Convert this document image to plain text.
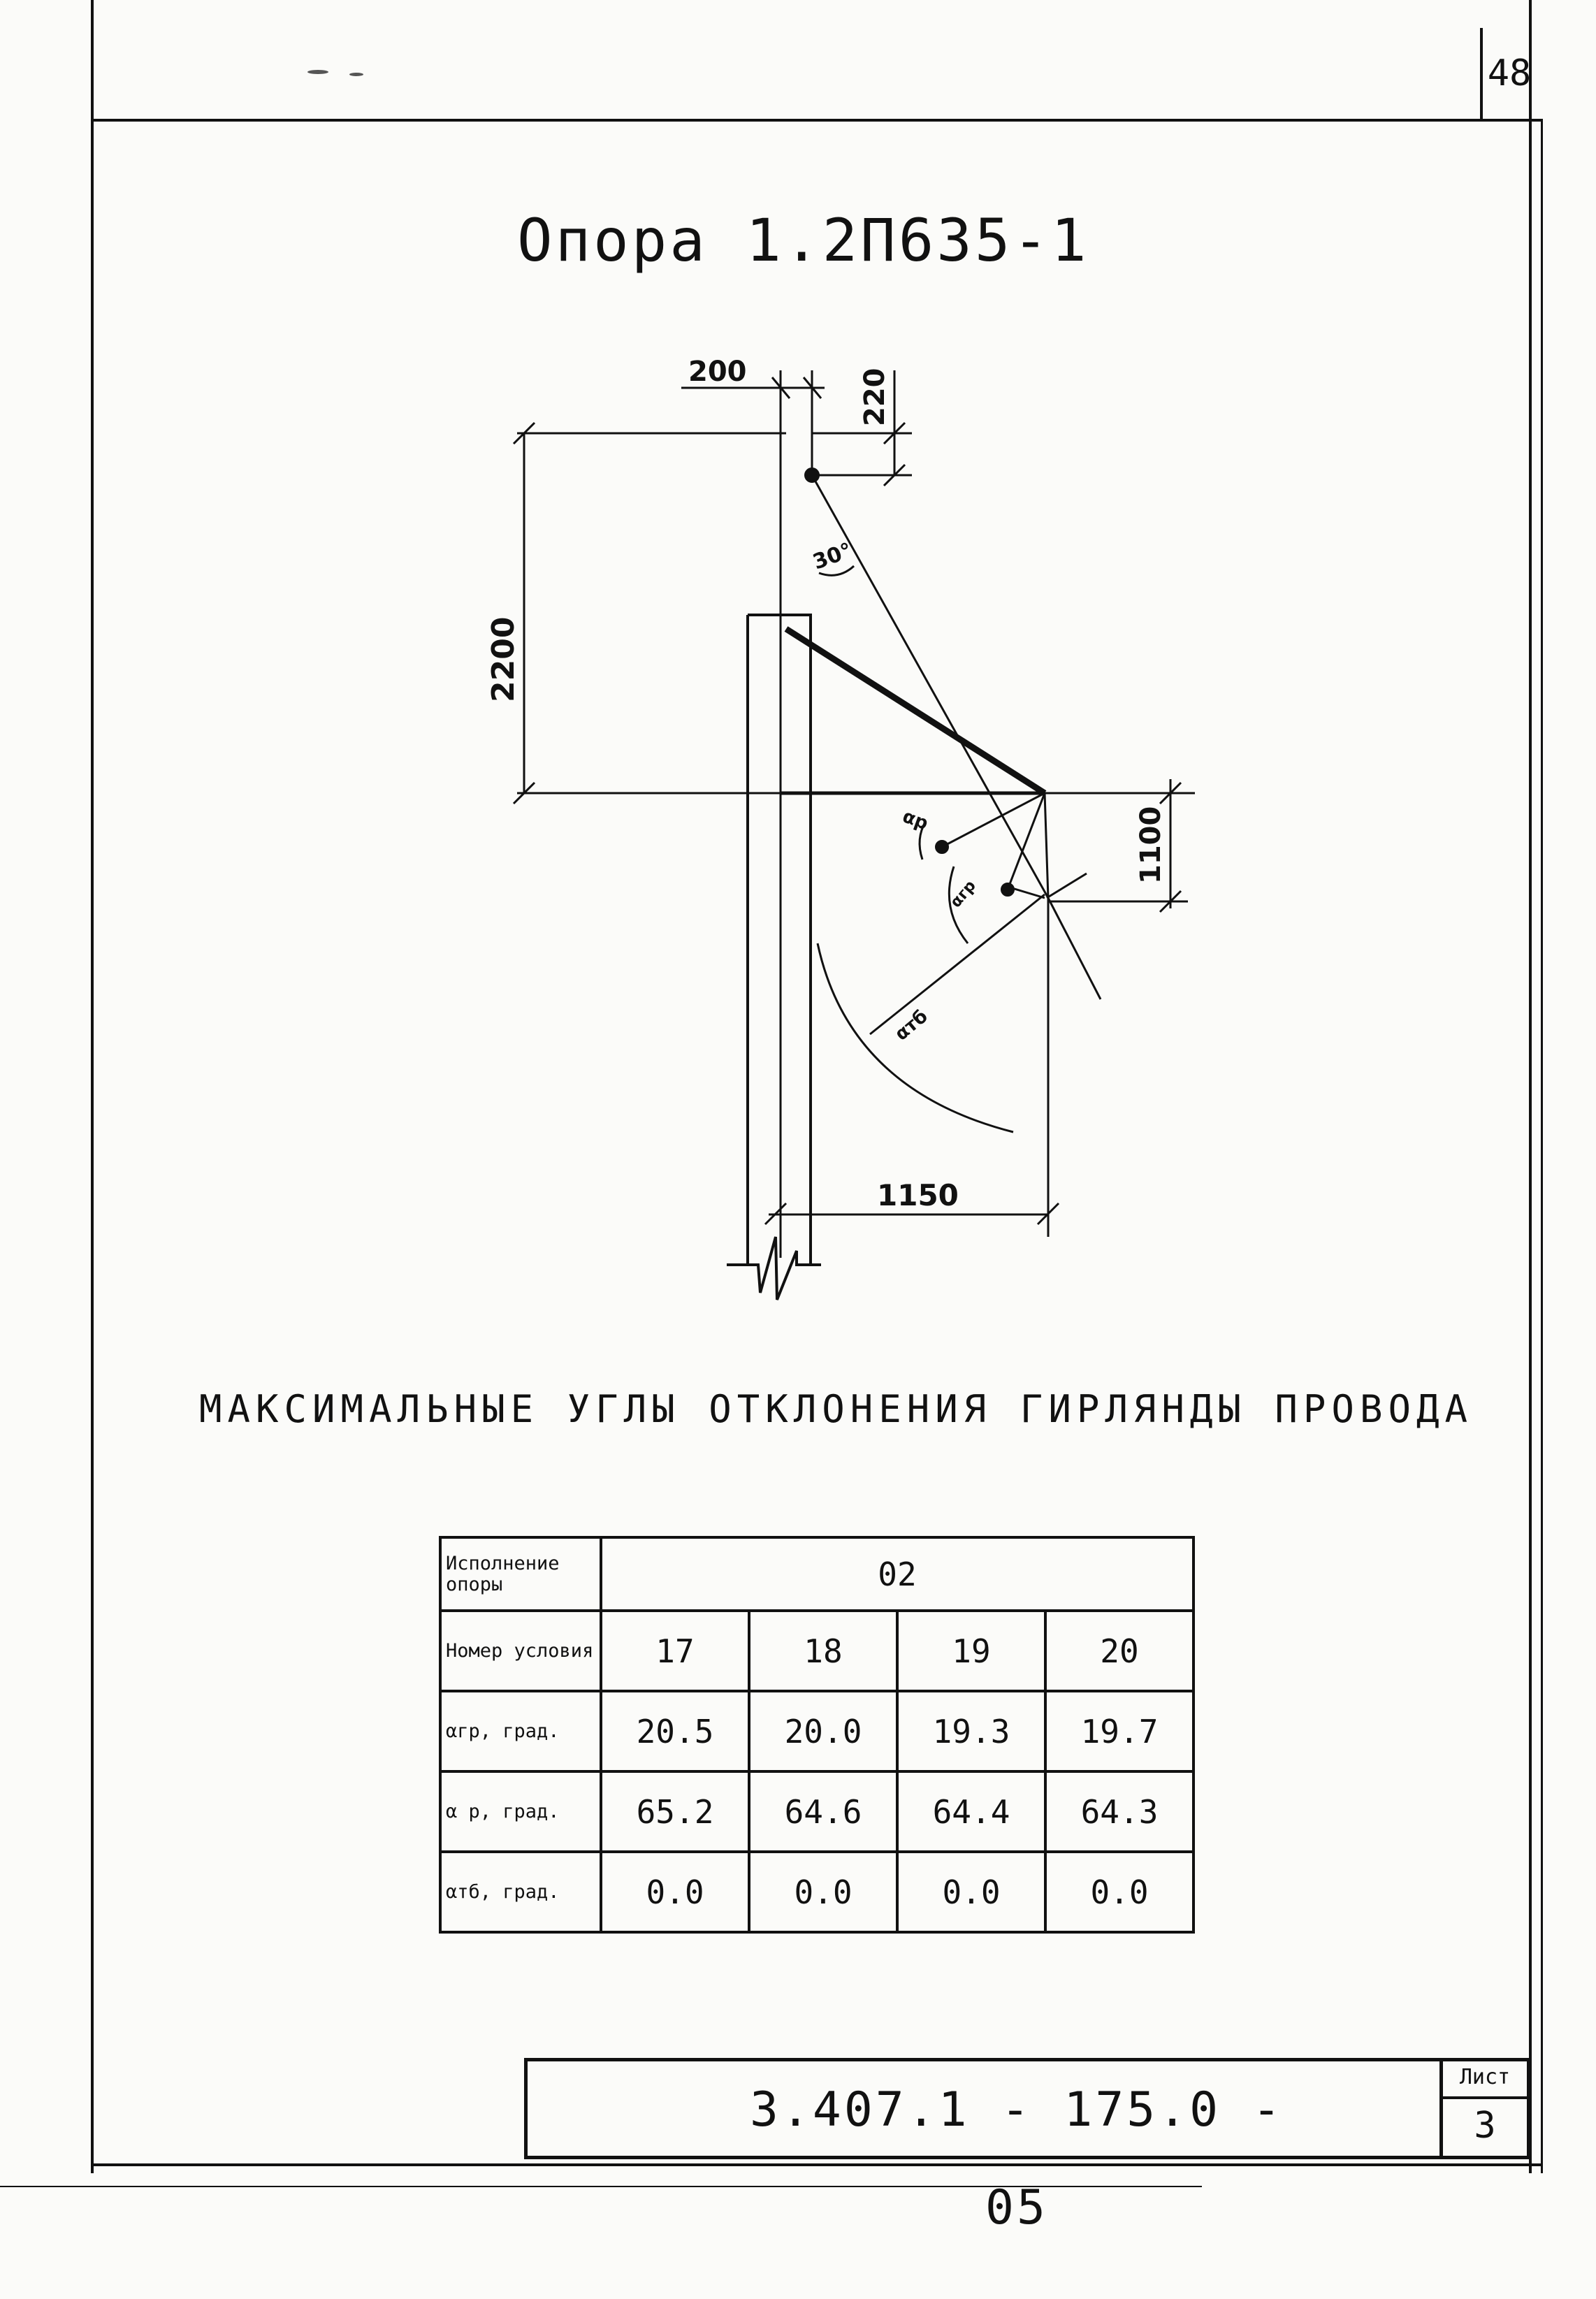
48
Опора 1.2П635-1
200	220
2200
1100
1150
30°
αр
αгр
αтб
МАКСИМАЛЬНЫЕ УГЛЫ ОТКЛОНЕНИЯ ГИРЛЯНДЫ ПРОВОДА
Исполнение опоры	02			
Номер условия	17	18	19	20
αгр, град.	20.5	20.0	19.3	19.7
α р, град.	65.2	64.6	64.4	64.3
αтб, град.	0.0	0.0	0.0	0.0
3.407.1 - 175.0 - 05
Лист
3
